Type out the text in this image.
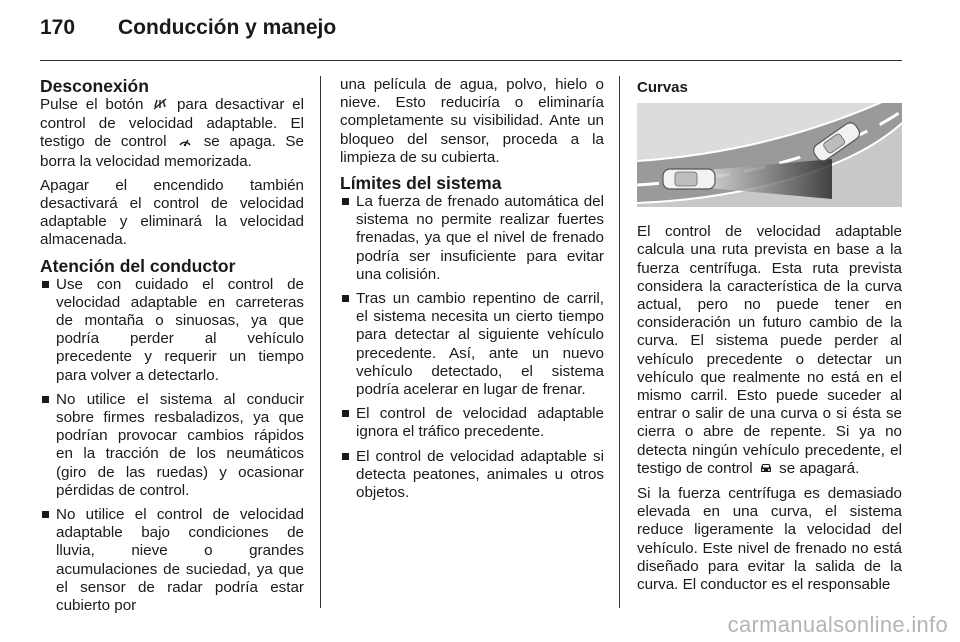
170 Conducción y manejo
Desconexión

Pulse el botón  para desactivar el control de velocidad adaptable. El testigo de control  se apaga. Se borra la velocidad memorizada.

Apagar el encendido también desactivará el control de velocidad adaptable y eliminará la velocidad almacenada.

Atención del conductor
Use con cuidado el control de velocidad adaptable en carreteras de montaña o sinuosas, ya que podría perder al vehículo precedente y requerir un tiempo para volver a detectarlo.
No utilice el sistema al conducir sobre firmes resbaladizos, ya que podrían provocar cambios rápidos en la tracción de los neumáticos (giro de las ruedas) y ocasionar pérdidas de control.
No utilice el control de velocidad adaptable bajo condiciones de lluvia, nieve o grandes acumulaciones de suciedad, ya que el sensor de radar podría estar cubierto por

una película de agua, polvo, hielo o nieve. Esto reduciría o eliminaría completamente su visibilidad. Ante un bloqueo del sensor, proceda a la limpieza de su cubierta.

Límites del sistema
La fuerza de frenado automática del sistema no permite realizar fuertes frenadas, ya que el nivel de frenado podría ser insuficiente para evitar una colisión.
Tras un cambio repentino de carril, el sistema necesita un cierto tiempo para detectar al siguiente vehículo precedente. Así, ante un nuevo vehículo detectado, el sistema podría acelerar en lugar de frenar.
El control de velocidad adaptable ignora el tráfico precedente.
El control de velocidad adaptable si detecta peatones, animales u otros objetos.
Curvas

El control de velocidad adaptable calcula una ruta prevista en base a la fuerza centrífuga. Esta ruta prevista considera la característica de la curva actual, pero no puede tener en consideración un futuro cambio de la curva. El sistema puede perder al vehículo precedente o detectar un vehículo que realmente no está en el mismo carril. Esto puede suceder al entrar o salir de una curva o si ésta se cierra o abre de repente. Si ya no detecta ningún vehículo precedente, el testigo de control  se apagará.

Si la fuerza centrífuga es demasiado elevada en una curva, el sistema reduce ligeramente la velocidad del vehículo. Este nivel de frenado no está diseñado para evitar la salida de la curva. El conductor es el responsable

carmanualsonline.info
